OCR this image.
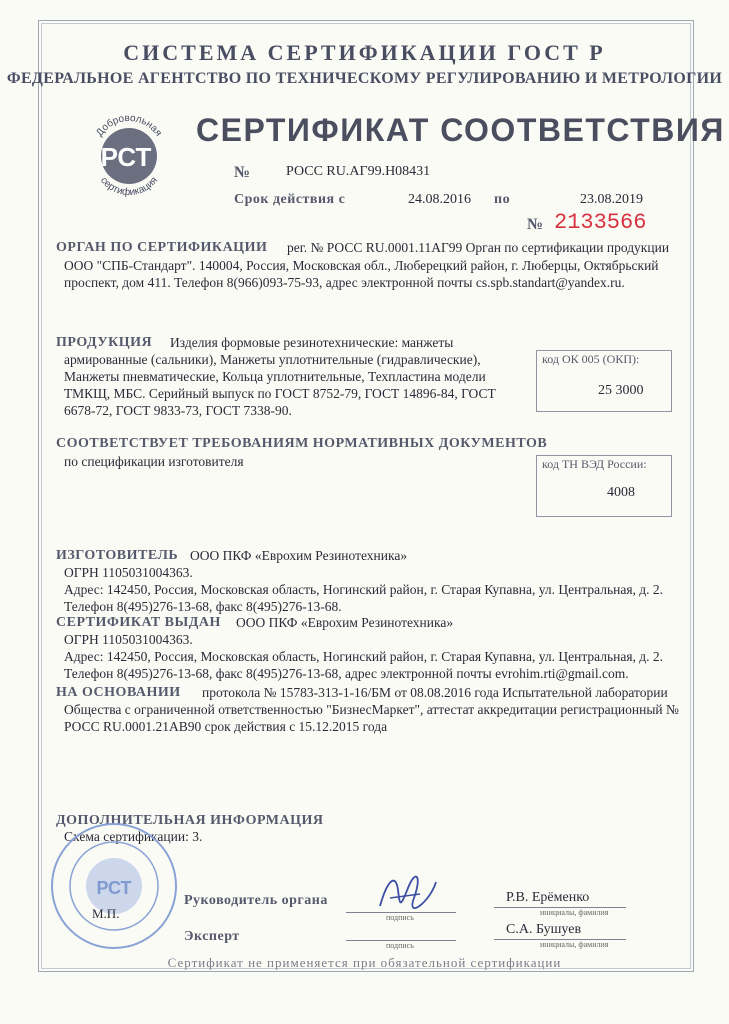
СИСТЕМА СЕРТИФИКАЦИИ ГОСТ Р
ФЕДЕРАЛЬНОЕ АГЕНТСТВО ПО ТЕХНИЧЕСКОМУ РЕГУЛИРОВАНИЮ И МЕТРОЛОГИИ
Добровольная
сертификация
РСТ
СЕРТИФИКАТ СООТВЕТСТВИЯ
№	РОСС RU.АГ99.Н08431
Срок действия с	24.08.2016 по	23.08.2019
№ 2133566
ОРГАН ПО СЕРТИФИКАЦИИ рег. № РОСС RU.0001.11АГ99 Орган по сертификации продукции
ООО "СПБ-Стандарт". 140004, Россия, Московская обл., Люберецкий район, г. Люберцы, Октябрьский
проспект, дом 411. Телефон 8(966)093-75-93, адрес электронной почты cs.spb.standart@yandex.ru.
ПРОДУКЦИЯ Изделия формовые резинотехнические: манжеты
армированные (сальники), Манжеты уплотнительные (гидравлические),
Манжеты пневматические, Кольца уплотнительные, Техпластина модели
ТМКЩ, МБС. Серийный выпуск по ГОСТ 8752-79, ГОСТ 14896-84, ГОСТ
6678-72, ГОСТ 9833-73, ГОСТ 7338-90.
код ОК 005 (ОКП):
25 3000
СООТВЕТСТВУЕТ ТРЕБОВАНИЯМ НОРМАТИВНЫХ ДОКУМЕНТОВ
по спецификации изготовителя	код ТН ВЭД России:
4008
ИЗГОТОВИТЕЛЬ ООО ПКФ «Еврохим Резинотехника»
ОГРН 1105031004363.
Адрес: 142450, Россия, Московская область, Ногинский район, г. Старая Купавна, ул. Центральная, д. 2.
Телефон 8(495)276-13-68, факс 8(495)276-13-68.
СЕРТИФИКАТ ВЫДАН ООО ПКФ «Еврохим Резинотехника»
ОГРН 1105031004363.
Адрес: 142450, Россия, Московская область, Ногинский район, г. Старая Купавна, ул. Центральная, д. 2.
Телефон 8(495)276-13-68, факс 8(495)276-13-68, адрес электронной почты evrohim.rti@gmail.com.
НА ОСНОВАНИИ протокола № 15783-313-1-16/БМ от 08.08.2016 года Испытательной лаборатории
Общества с ограниченной ответственностью "БизнесМаркет", аттестат аккредитации регистрационный №
РОСС RU.0001.21АВ90 срок действия с 15.12.2015 года
ДОПОЛНИТЕЛЬНАЯ ИНФОРМАЦИЯ
Схема сертификации: 3.
РСТ
М.П.
Руководитель органа
подпись
Р.В. Ерёменко
инициалы, фамилия
Эксперт
подпись
С.А. Бушуев
инициалы, фамилия
Сертификат не применяется при обязательной сертификации
